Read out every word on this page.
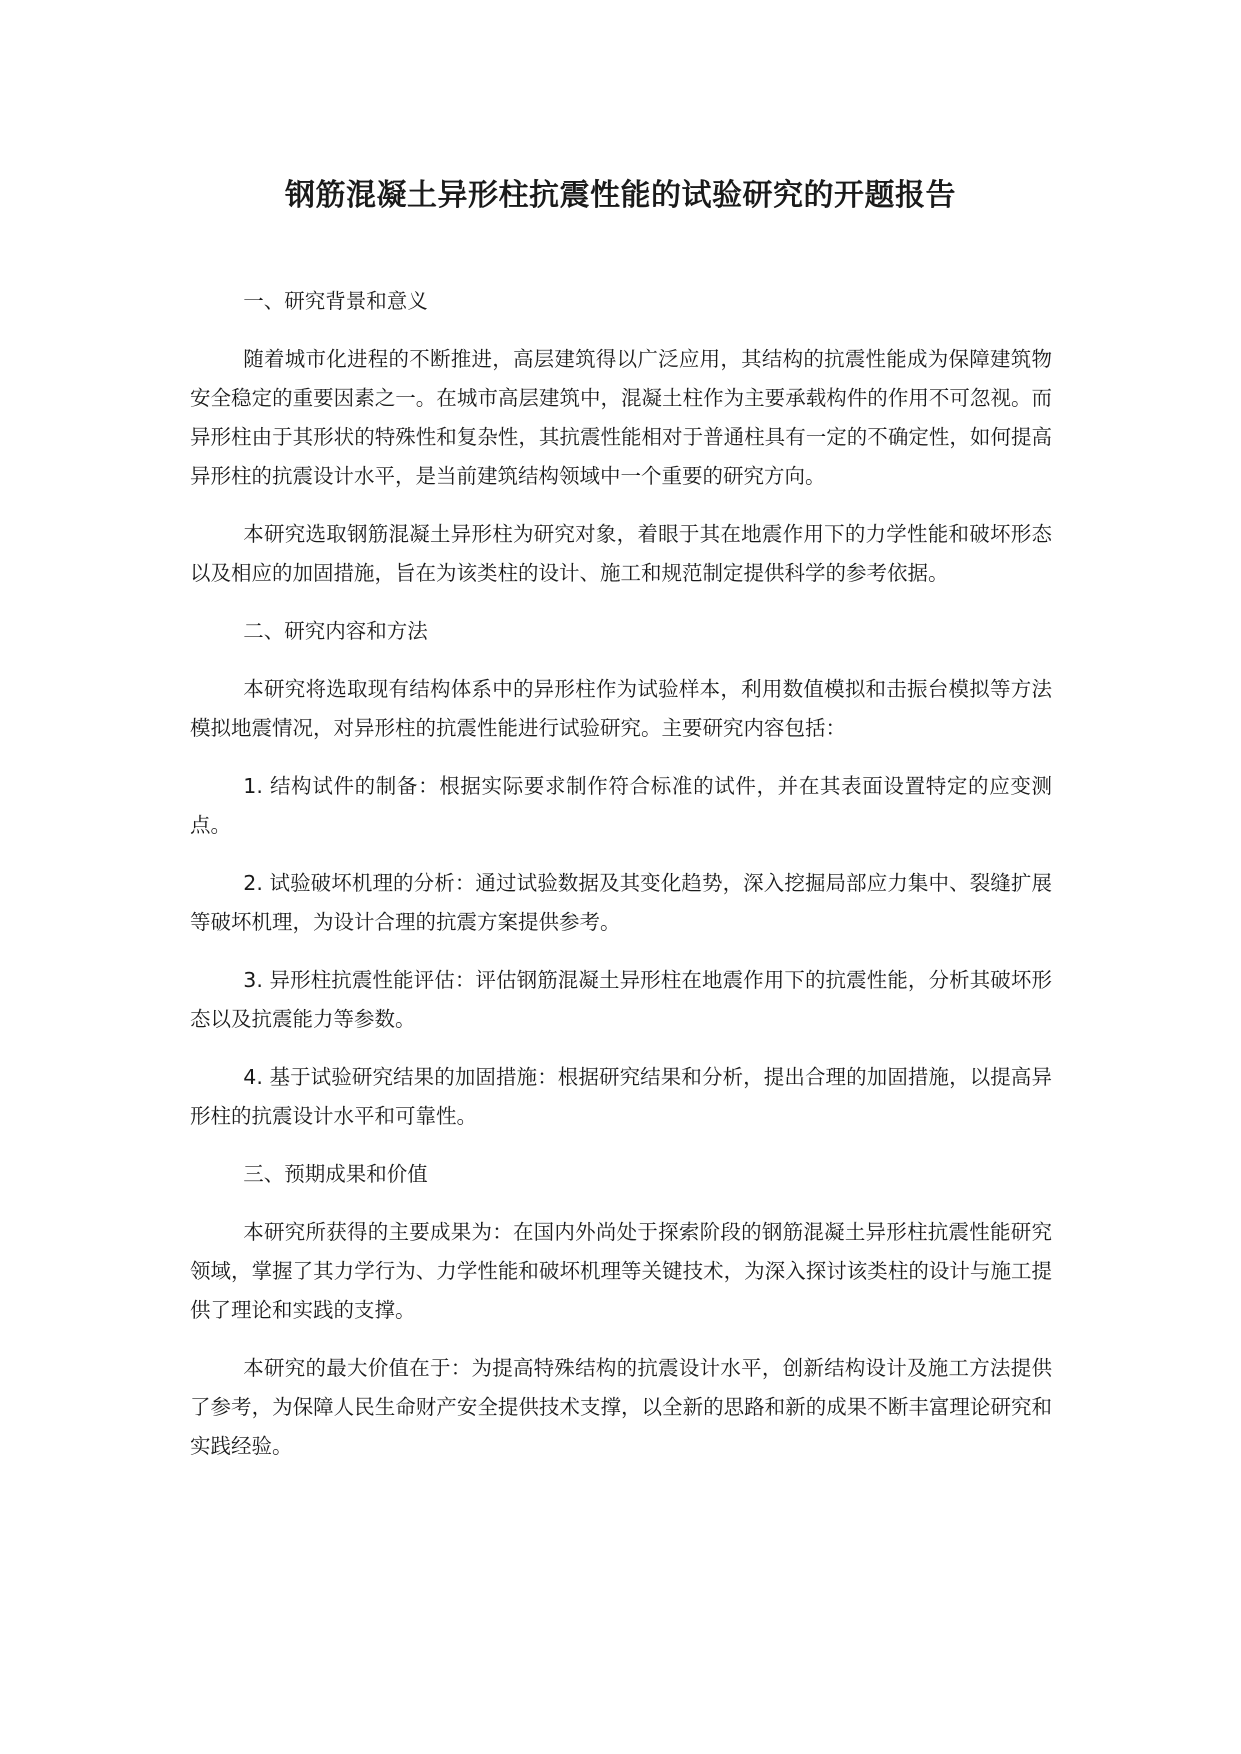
钢筋混凝土异形柱抗震性能的试验研究的开题报告

一、研究背景和意义

随着城市化进程的不断推进，高层建筑得以广泛应用，其结构的抗震性能成为保障建筑物安全稳定的重要因素之一。在城市高层建筑中，混凝土柱作为主要承载构件的作用不可忽视。而异形柱由于其形状的特殊性和复杂性，其抗震性能相对于普通柱具有一定的不确定性，如何提高异形柱的抗震设计水平，是当前建筑结构领域中一个重要的研究方向。

本研究选取钢筋混凝土异形柱为研究对象，着眼于其在地震作用下的力学性能和破坏形态以及相应的加固措施，旨在为该类柱的设计、施工和规范制定提供科学的参考依据。

二、研究内容和方法

本研究将选取现有结构体系中的异形柱作为试验样本，利用数值模拟和击振台模拟等方法模拟地震情况，对异形柱的抗震性能进行试验研究。主要研究内容包括：

1. 结构试件的制备：根据实际要求制作符合标准的试件，并在其表面设置特定的应变测点。

2. 试验破坏机理的分析：通过试验数据及其变化趋势，深入挖掘局部应力集中、裂缝扩展等破坏机理，为设计合理的抗震方案提供参考。

3. 异形柱抗震性能评估：评估钢筋混凝土异形柱在地震作用下的抗震性能，分析其破坏形态以及抗震能力等参数。

4. 基于试验研究结果的加固措施：根据研究结果和分析，提出合理的加固措施，以提高异形柱的抗震设计水平和可靠性。

三、预期成果和价值

本研究所获得的主要成果为：在国内外尚处于探索阶段的钢筋混凝土异形柱抗震性能研究领域，掌握了其力学行为、力学性能和破坏机理等关键技术，为深入探讨该类柱的设计与施工提供了理论和实践的支撑。

本研究的最大价值在于：为提高特殊结构的抗震设计水平，创新结构设计及施工方法提供了参考，为保障人民生命财产安全提供技术支撑，以全新的思路和新的成果不断丰富理论研究和实践经验。
